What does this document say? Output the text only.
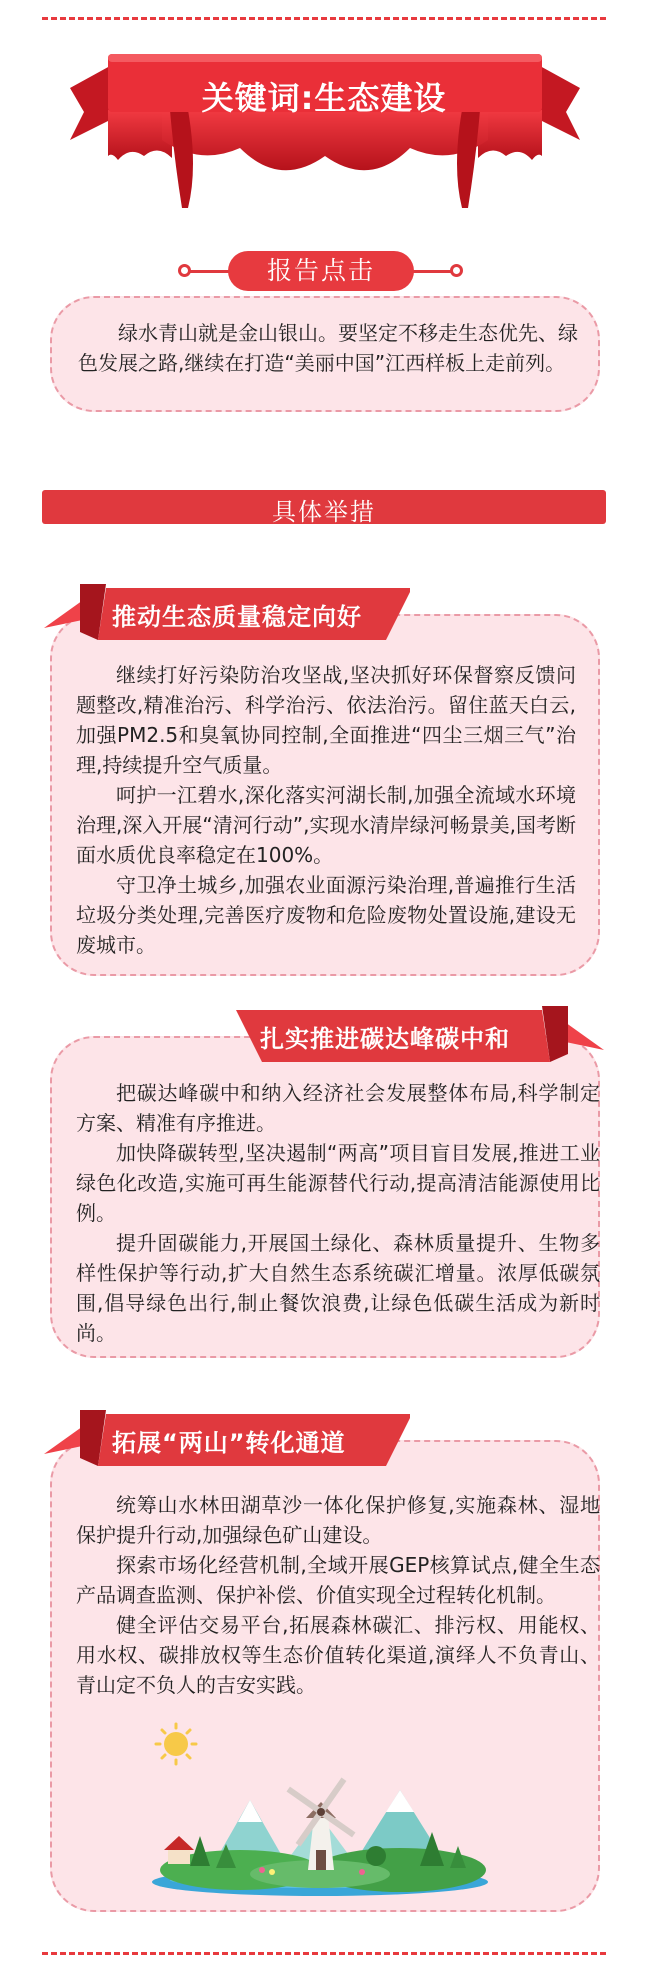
关键词:生态建设
报告点击

绿水青山就是金山银山。要坚定不移走生态优先、绿色发展之路,继续在打造“美丽中国”江西样板上走前列。

具体举措
推动生态质量稳定向好

继续打好污染防治攻坚战,坚决抓好环保督察反馈问题整改,精准治污、科学治污、依法治污。留住蓝天白云,加强PM2.5和臭氧协同控制,全面推进“四尘三烟三气”治理,持续提升空气质量。

呵护一江碧水,深化落实河湖长制,加强全流域水环境治理,深入开展“清河行动”,实现水清岸绿河畅景美,国考断面水质优良率稳定在100%。

守卫净土城乡,加强农业面源污染治理,普遍推行生活垃圾分类处理,完善医疗废物和危险废物处置设施,建设无废城市。

扎实推进碳达峰碳中和

把碳达峰碳中和纳入经济社会发展整体布局,科学制定方案、精准有序推进。

加快降碳转型,坚决遏制“两高”项目盲目发展,推进工业绿色化改造,实施可再生能源替代行动,提高清洁能源使用比例。

提升固碳能力,开展国土绿化、森林质量提升、生物多样性保护等行动,扩大自然生态系统碳汇增量。浓厚低碳氛围,倡导绿色出行,制止餐饮浪费,让绿色低碳生活成为新时尚。

拓展“两山”转化通道

统筹山水林田湖草沙一体化保护修复,实施森林、湿地保护提升行动,加强绿色矿山建设。

探索市场化经营机制,全域开展GEP核算试点,健全生态产品调查监测、保护补偿、价值实现全过程转化机制。

健全评估交易平台,拓展森林碳汇、排污权、用能权、用水权、碳排放权等生态价值转化渠道,演绎人不负青山、青山定不负人的吉安实践。
